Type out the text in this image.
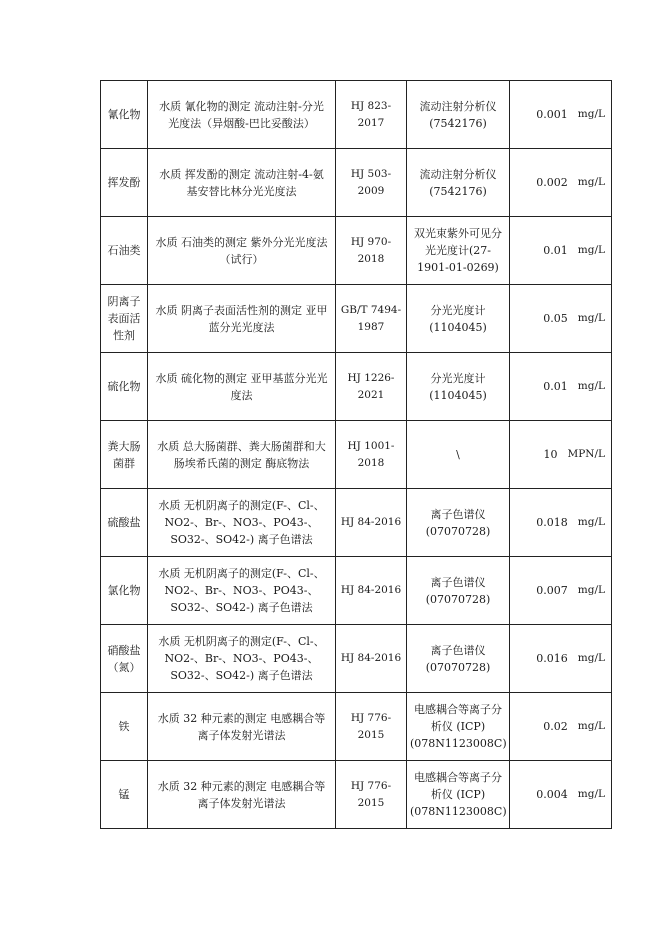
氰化物	水质 氰化物的测定 流动注射-分光光度法（异烟酸-巴比妥酸法）	HJ 823-2017	流动注射分析仪 (7542176)	0.001 mg/L

挥发酚	水质 挥发酚的测定 流动注射-4-氨基安替比林分光光度法	HJ 503-2009	流动注射分析仪 (7542176)	0.002 mg/L

石油类	水质 石油类的测定 紫外分光光度法（试行）	HJ 970-2018	双光束紫外可见分光光度计(27-1901-01-0269)	0.01 mg/L

阴离子表面活性剂	水质 阴离子表面活性剂的测定 亚甲蓝分光光度法	GB/T 7494-1987	分光光度计 (1104045)	0.05 mg/L

硫化物	水质 硫化物的测定 亚甲基蓝分光光度法	HJ 1226-2021	分光光度计 (1104045)	0.01 mg/L

粪大肠菌群	水质 总大肠菌群、粪大肠菌群和大肠埃希氏菌的测定 酶底物法	HJ 1001-2018	\	10 MPN/L

硫酸盐	水质 无机阴离子的测定(F-、Cl-、NO2-、Br-、NO3-、PO43-、SO32-、SO42-) 离子色谱法	HJ 84-2016	离子色谱仪 (07070728)	0.018 mg/L

氯化物	水质 无机阴离子的测定(F-、Cl-、NO2-、Br-、NO3-、PO43-、SO32-、SO42-) 离子色谱法	HJ 84-2016	离子色谱仪 (07070728)	0.007 mg/L

硝酸盐（氮）	水质 无机阴离子的测定(F-、Cl-、NO2-、Br-、NO3-、PO43-、SO32-、SO42-) 离子色谱法	HJ 84-2016	离子色谱仪 (07070728)	0.016 mg/L

铁	水质 32 种元素的测定 电感耦合等离子体发射光谱法	HJ 776-2015	电感耦合等离子分析仪 (ICP)(078N1123008C)	0.02 mg/L

锰	水质 32 种元素的测定 电感耦合等离子体发射光谱法	HJ 776-2015	电感耦合等离子分析仪 (ICP)(078N1123008C)	0.004 mg/L
